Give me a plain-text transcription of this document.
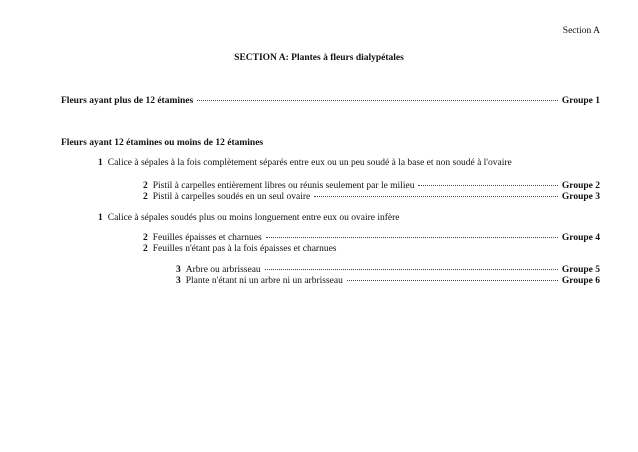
Section A
SECTION A: Plantes à fleurs dialypétales
Fleurs ayant plus de 12 étamines	Groupe 1
Fleurs ayant 12 étamines ou moins de 12 étamines
1 Calice à sépales à la fois complètement séparés entre eux ou un peu soudé à la base et non soudé à l'ovaire
2 Pistil à carpelles entièrement libres ou réunis seulement par le milieu	Groupe 2
2 Pistil à carpelles soudés en un seul ovaire	Groupe 3
1 Calice à sépales soudés plus ou moins longuement entre eux ou ovaire infère
2 Feuilles épaisses et charnues	Groupe 4
2 Feuilles n'étant pas à la fois épaisses et charnues
3 Arbre ou arbrisseau	Groupe 5
3 Plante n'étant ni un arbre ni un arbrisseau	Groupe 6
